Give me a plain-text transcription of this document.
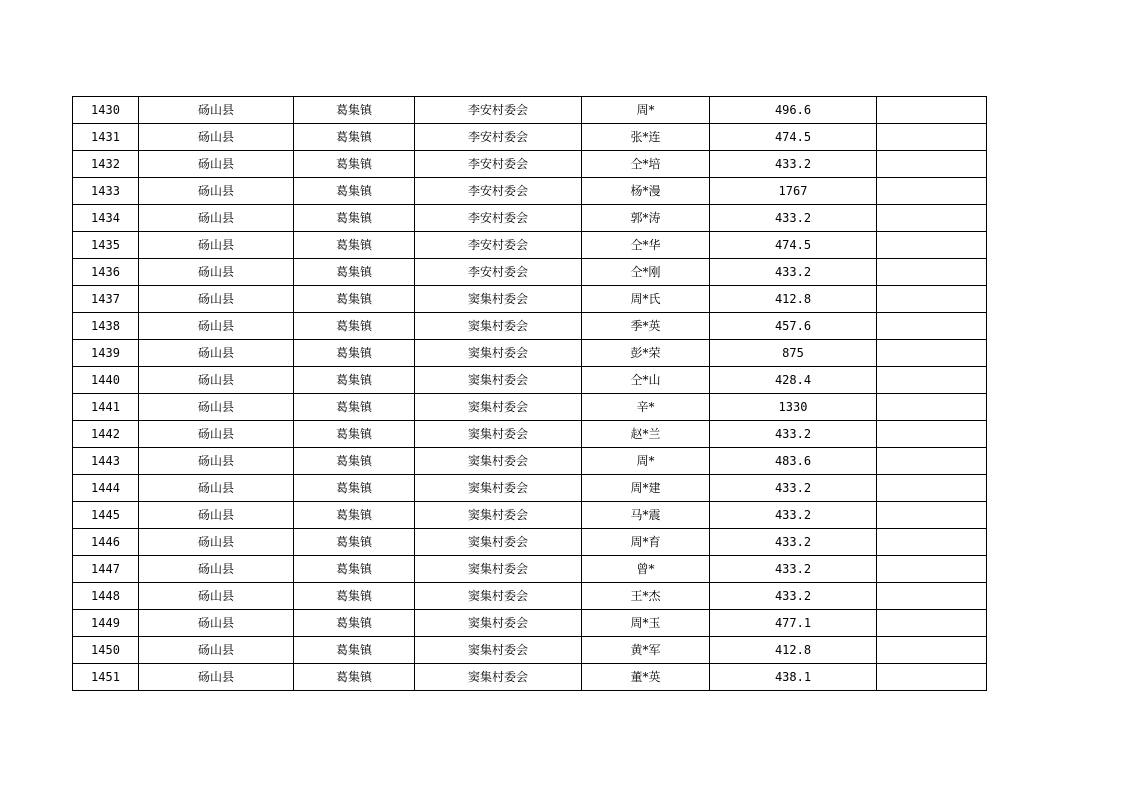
1430	砀山县	葛集镇	李安村委会	周*	496.6	
1431	砀山县	葛集镇	李安村委会	张*连	474.5	
1432	砀山县	葛集镇	李安村委会	仝*培	433.2	
1433	砀山县	葛集镇	李安村委会	杨*漫	1767	
1434	砀山县	葛集镇	李安村委会	郭*涛	433.2	
1435	砀山县	葛集镇	李安村委会	仝*华	474.5	
1436	砀山县	葛集镇	李安村委会	仝*刚	433.2	
1437	砀山县	葛集镇	窦集村委会	周*氏	412.8	
1438	砀山县	葛集镇	窦集村委会	季*英	457.6	
1439	砀山县	葛集镇	窦集村委会	彭*荣	875	
1440	砀山县	葛集镇	窦集村委会	仝*山	428.4	
1441	砀山县	葛集镇	窦集村委会	辛*	1330	
1442	砀山县	葛集镇	窦集村委会	赵*兰	433.2	
1443	砀山县	葛集镇	窦集村委会	周*	483.6	
1444	砀山县	葛集镇	窦集村委会	周*建	433.2	
1445	砀山县	葛集镇	窦集村委会	马*震	433.2	
1446	砀山县	葛集镇	窦集村委会	周*育	433.2	
1447	砀山县	葛集镇	窦集村委会	曾*	433.2	
1448	砀山县	葛集镇	窦集村委会	王*杰	433.2	
1449	砀山县	葛集镇	窦集村委会	周*玉	477.1	
1450	砀山县	葛集镇	窦集村委会	黄*军	412.8	
1451	砀山县	葛集镇	窦集村委会	董*英	438.1	
